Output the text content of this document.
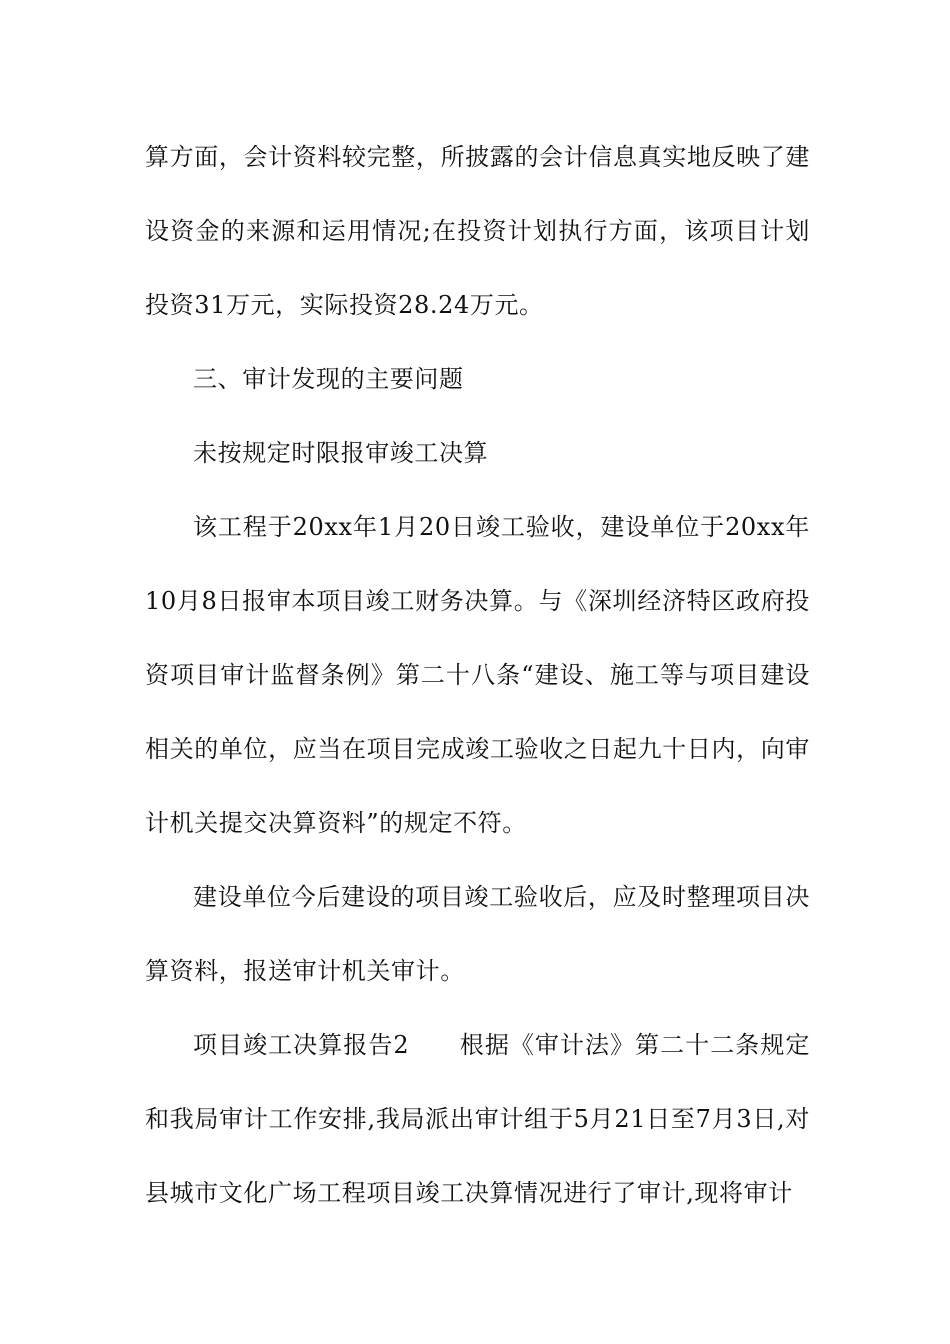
算方面，会计资料较完整，所披露的会计信息真实地反映了建设资金的来源和运用情况;在投资计划执行方面，该项目计划投资31万元，实际投资28.24万元。

三、审计发现的主要问题

未按规定时限报审竣工决算

该工程于20xx年1月20日竣工验收，建设单位于20xx年10月8日报审本项目竣工财务决算。与《深圳经济特区政府投资项目审计监督条例》第二十八条“建设、施工等与项目建设相关的单位，应当在项目完成竣工验收之日起九十日内，向审计机关提交决算资料”的规定不符。

建设单位今后建设的项目竣工验收后，应及时整理项目决算资料，报送审计机关审计。

项目竣工决算报告2　　根据《审计法》第二十二条规定和我局审计工作安排,我局派出审计组于5月21日至7月3日,对县城市文化广场工程项目竣工决算情况进行了审计,现将审计
